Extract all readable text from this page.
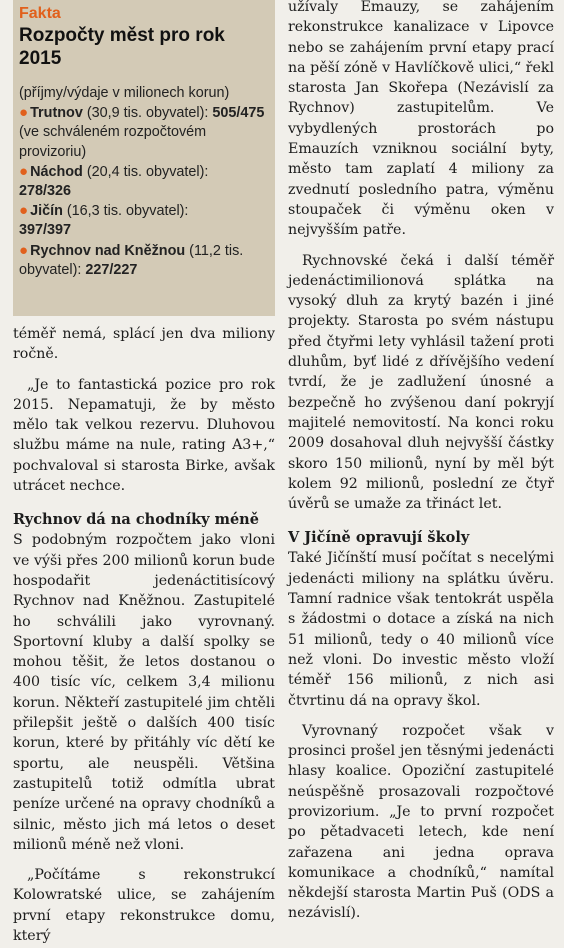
Fakta
Rozpočty měst pro rok 2015
(příjmy/výdaje v milionech korun)
● Trutnov (30,9 tis. obyvatel): 505/475 (ve schváleném rozpočtovém provizoriu)
● Náchod (20,4 tis. obyvatel):
278/326
● Jičín (16,3 tis. obyvatel):
397/397
● Rychnov nad Kněžnou (11,2 tis. obyvatel): 227/227

téměř nemá, splácí jen dva miliony ročně.

„Je to fantastická pozice pro rok 2015. Nepamatuji, že by město mělo tak velkou rezervu. Dluhovou službu máme na nule, rating A3+,“ pochvaloval si starosta Birke, avšak utrácet nechce.

Rychnov dá na chodníky méně

S podobným rozpočtem jako vloni ve výši přes 200 milionů korun bude hospodařit jedenáctitisícový Rychnov nad Kněžnou. Zastupitelé ho schválili jako vyrovnaný. Sportovní kluby a další spolky se mohou těšit, že letos dostanou o 400 tisíc víc, celkem 3,4 milionu korun. Někteří zastupitelé jim chtěli přilepšit ještě o dalších 400 tisíc korun, které by přitáhly víc dětí ke sportu, ale neuspěli. Většina zastupitelů totiž odmítla ubrat peníze určené na opravy chodníků a silnic, město jich má letos o deset milionů méně než vloni.

„Počítáme s rekonstrukcí Kolowratské ulice, se zahájením první etapy rekonstrukce domu, který

užívaly Emauzy, se zahájením rekonstrukce kanalizace v Lipovce nebo se zahájením první etapy prací na pěší zóně v Havlíčkově ulici,“ řekl starosta Jan Skořepa (Nezávislí za Rychnov) zastupitelům. Ve vybydlených prostorách po Emauzích vzniknou sociální byty, město tam zaplatí 4 miliony za zvednutí posledního patra, výměnu stoupaček či výměnu oken v nejvyšším patře.

Rychnovské čeká i další téměř jedenáctimilionová splátka na vysoký dluh za krytý bazén i jiné projekty. Starosta po svém nástupu před čtyřmi lety vyhlásil tažení proti dluhům, byť lidé z dřívějšího vedení tvrdí, že je zadlužení únosné a bezpečně ho zvýšenou daní pokryjí majitelé nemovitostí. Na konci roku 2009 dosahoval dluh nejvyšší částky skoro 150 milionů, nyní by měl být kolem 92 milionů, poslední ze čtyř úvěrů se umaže za třináct let.

V Jičíně opravují školy

Také Jičínští musí počítat s necelými jedenácti miliony na splátku úvěru. Tamní radnice však tentokrát uspěla s žádostmi o dotace a získá na nich 51 milionů, tedy o 40 milionů více než vloni. Do investic město vloží téměř 156 milionů, z nich asi čtvrtinu dá na opravy škol.

Vyrovnaný rozpočet však v prosinci prošel jen těsnými jedenácti hlasy koalice. Opoziční zastupitelé neúspěšně prosazovali rozpočtové provizorium. „Je to první rozpočet po pětadvaceti letech, kde není zařazena ani jedna oprava komunikace a chodníků,“ namítal někdejší starosta Martin Puš (ODS a nezávislí).
